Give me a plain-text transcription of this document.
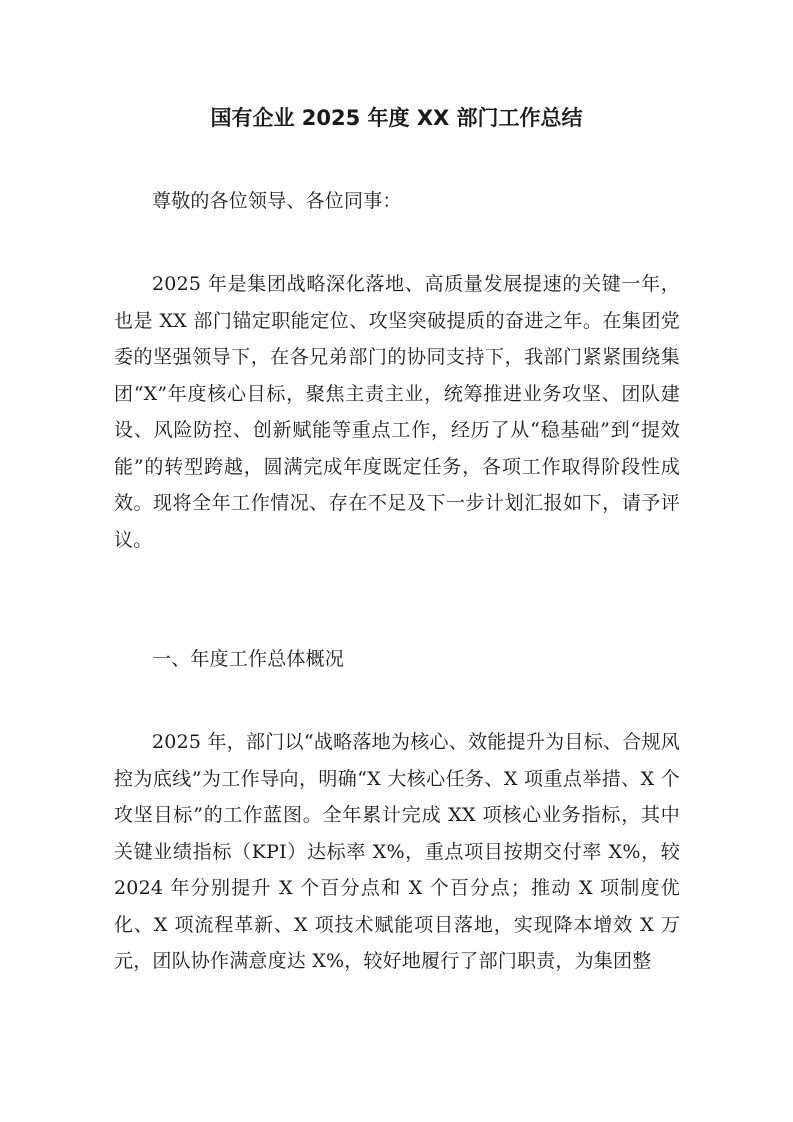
国有企业 2025 年度 XX 部门工作总结

尊敬的各位领导、各位同事：

2025 年是集团战略深化落地、高质量发展提速的关键一年，也是 XX 部门锚定职能定位、攻坚突破提质的奋进之年。在集团党委的坚强领导下，在各兄弟部门的协同支持下，我部门紧紧围绕集团“X”年度核心目标，聚焦主责主业，统筹推进业务攻坚、团队建设、风险防控、创新赋能等重点工作，经历了从“稳基础”到“提效能”的转型跨越，圆满完成年度既定任务，各项工作取得阶段性成效。现将全年工作情况、存在不足及下一步计划汇报如下，请予评议。

一、年度工作总体概况

2025 年，部门以“战略落地为核心、效能提升为目标、合规风控为底线”为工作导向，明确“X 大核心任务、X 项重点举措、X 个攻坚目标”的工作蓝图。全年累计完成 XX 项核心业务指标，其中关键业绩指标（KPI）达标率 X%，重点项目按期交付率 X%，较 2024 年分别提升 X 个百分点和 X 个百分点；推动 X 项制度优化、X 项流程革新、X 项技术赋能项目落地，实现降本增效 X 万元，团队协作满意度达 X%，较好地履行了部门职责，为集团整
